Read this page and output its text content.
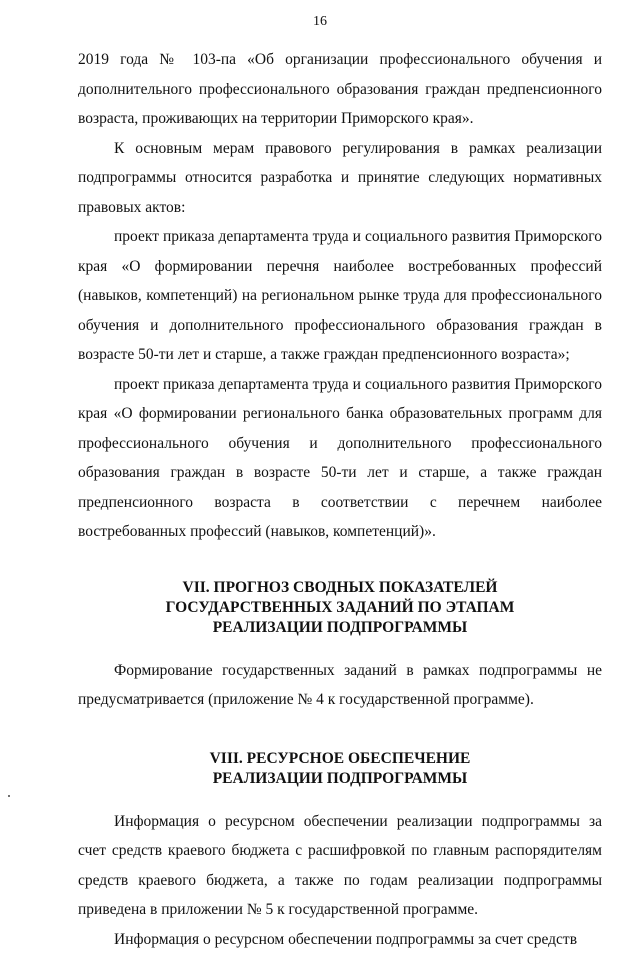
16

2019 года № 103-па «Об организации профессионального обучения и дополнительного профессионального образования граждан предпенсионного возраста, проживающих на территории Приморского края».

К основным мерам правового регулирования в рамках реализации подпрограммы относится разработка и принятие следующих нормативных правовых актов:

проект приказа департамента труда и социального развития Приморского края «О формировании перечня наиболее востребованных профессий (навыков, компетенций) на региональном рынке труда для профессионального обучения и дополнительного профессионального образования граждан в возрасте 50-ти лет и старше, а также граждан предпенсионного возраста»;

проект приказа департамента труда и социального развития Приморского края «О формировании регионального банка образовательных программ для профессионального обучения и дополнительного профессионального образования граждан в возрасте 50-ти лет и старше, а также граждан предпенсионного возраста в соответствии с перечнем наиболее востребованных профессий (навыков, компетенций)».

VII. ПРОГНОЗ СВОДНЫХ ПОКАЗАТЕЛЕЙ
ГОСУДАРСТВЕННЫХ ЗАДАНИЙ ПО ЭТАПАМ
РЕАЛИЗАЦИИ ПОДПРОГРАММЫ

Формирование государственных заданий в рамках подпрограммы не предусматривается (приложение № 4 к государственной программе).

VIII. РЕСУРСНОЕ ОБЕСПЕЧЕНИЕ
РЕАЛИЗАЦИИ ПОДПРОГРАММЫ

Информация о ресурсном обеспечении реализации подпрограммы за счет средств краевого бюджета с расшифровкой по главным распорядителям средств краевого бюджета, а также по годам реализации подпрограммы приведена в приложении № 5 к государственной программе.

Информация о ресурсном обеспечении подпрограммы за счет средств
